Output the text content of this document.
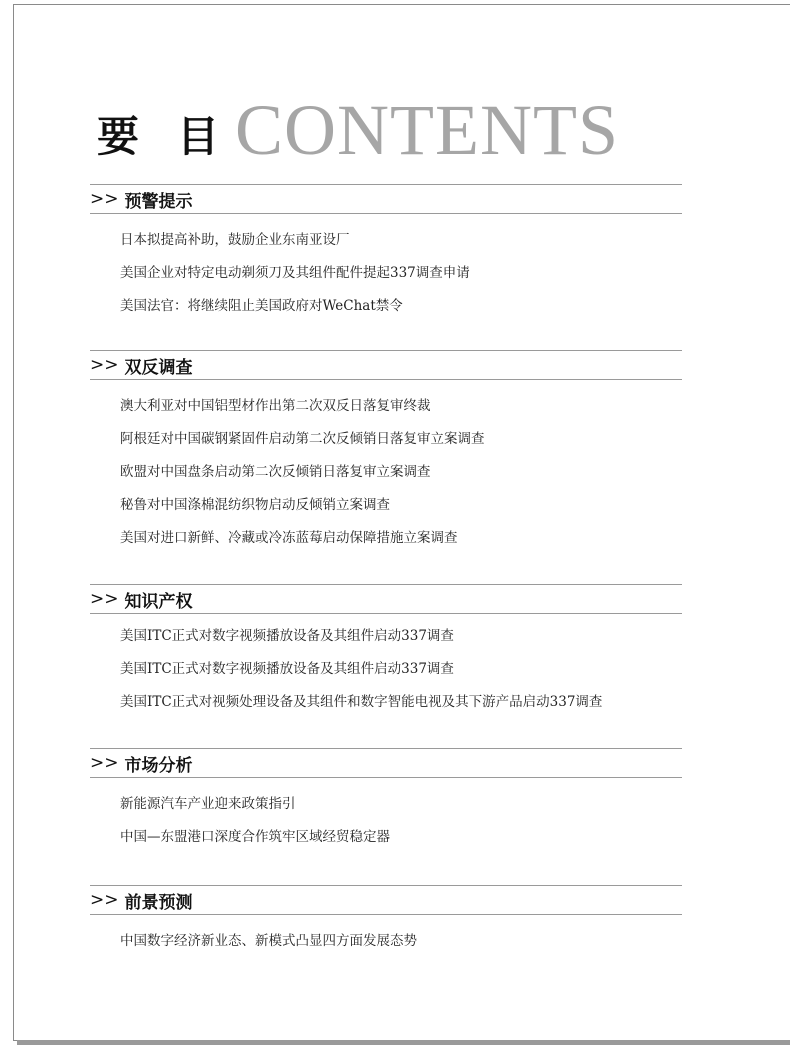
要目
CONTENTS
>> 预警提示
日本拟提高补助，鼓励企业东南亚设厂
美国企业对特定电动剃须刀及其组件配件提起337调查申请
美国法官：将继续阻止美国政府对WeChat禁令
>> 双反调查
澳大利亚对中国铝型材作出第二次双反日落复审终裁
阿根廷对中国碳钢紧固件启动第二次反倾销日落复审立案调查
欧盟对中国盘条启动第二次反倾销日落复审立案调查
秘鲁对中国涤棉混纺织物启动反倾销立案调查
美国对进口新鲜、冷藏或冷冻蓝莓启动保障措施立案调查
>> 知识产权
美国ITC正式对数字视频播放设备及其组件启动337调查
美国ITC正式对数字视频播放设备及其组件启动337调查
美国ITC正式对视频处理设备及其组件和数字智能电视及其下游产品启动337调查
>> 市场分析
新能源汽车产业迎来政策指引
中国—东盟港口深度合作筑牢区域经贸稳定器
>> 前景预测
中国数字经济新业态、新模式凸显四方面发展态势
